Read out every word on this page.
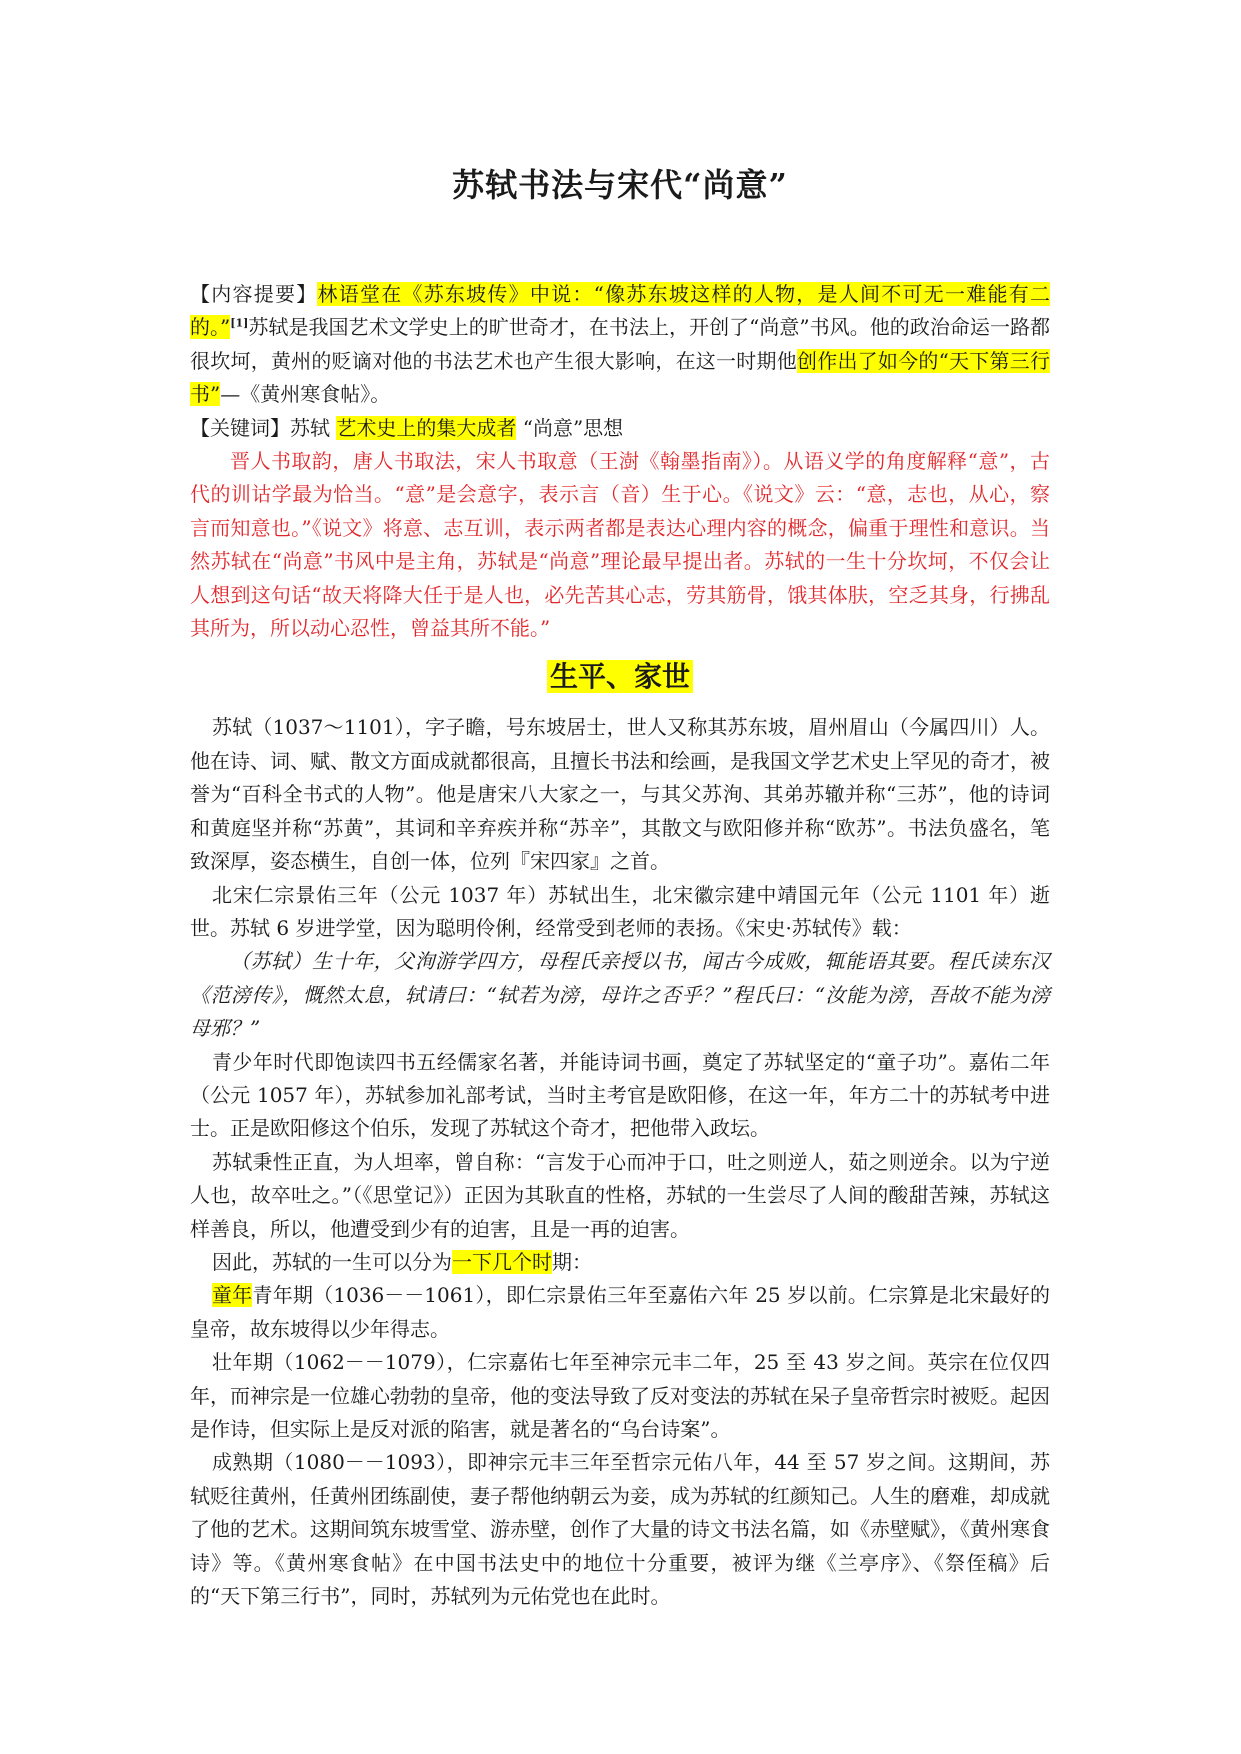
苏轼书法与宋代“尚意”

【内容提要】林语堂在《苏东坡传》中说：“像苏东坡这样的人物，是人间不可无一难能有二的。”[1]苏轼是我国艺术文学史上的旷世奇才，在书法上，开创了“尚意”书风。他的政治命运一路都很坎坷，黄州的贬谪对他的书法艺术也产生很大影响，在这一时期他创作出了如今的“天下第三行书”—《黄州寒食帖》。

【关键词】苏轼 艺术史上的集大成者 “尚意”思想

晋人书取韵，唐人书取法，宋人书取意（王澍《翰墨指南》）。从语义学的角度解释“意”，古代的训诂学最为恰当。“意”是会意字，表示言（音）生于心。《说文》云：“意，志也，从心，察言而知意也。”《说文》将意、志互训，表示两者都是表达心理内容的概念，偏重于理性和意识。当然苏轼在“尚意”书风中是主角，苏轼是“尚意”理论最早提出者。苏轼的一生十分坎坷，不仅会让人想到这句话“故天将降大任于是人也，必先苦其心志，劳其筋骨，饿其体肤，空乏其身，行拂乱其所为，所以动心忍性，曾益其所不能。”

生平、家世

苏轼（1037～1101），字子瞻，号东坡居士，世人又称其苏东坡，眉州眉山（今属四川）人。他在诗、词、赋、散文方面成就都很高，且擅长书法和绘画，是我国文学艺术史上罕见的奇才，被誉为“百科全书式的人物”。他是唐宋八大家之一，与其父苏洵、其弟苏辙并称“三苏”，他的诗词和黄庭坚并称“苏黄”，其词和辛弃疾并称“苏辛”，其散文与欧阳修并称“欧苏”。书法负盛名，笔致深厚，姿态横生，自创一体，位列『宋四家』之首。

北宋仁宗景佑三年（公元 1037 年）苏轼出生，北宋徽宗建中靖国元年（公元 1101 年）逝世。苏轼 6 岁进学堂，因为聪明伶俐，经常受到老师的表扬。《宋史·苏轼传》载：

（苏轼）生十年，父洵游学四方，母程氏亲授以书，闻古今成败，辄能语其要。程氏读东汉《范滂传》，慨然太息，轼请曰：“轼若为滂，母许之否乎？”程氏曰：“汝能为滂，吾故不能为滂母邪？”

青少年时代即饱读四书五经儒家名著，并能诗词书画，奠定了苏轼坚定的“童子功”。嘉佑二年（公元 1057 年），苏轼参加礼部考试，当时主考官是欧阳修，在这一年，年方二十的苏轼考中进士。正是欧阳修这个伯乐，发现了苏轼这个奇才，把他带入政坛。

苏轼秉性正直，为人坦率，曾自称：“言发于心而冲于口，吐之则逆人，茹之则逆余。以为宁逆人也，故卒吐之。”（《思堂记》）正因为其耿直的性格，苏轼的一生尝尽了人间的酸甜苦辣，苏轼这样善良，所以，他遭受到少有的迫害，且是一再的迫害。

因此，苏轼的一生可以分为一下几个时期：

童年青年期（1036－－1061），即仁宗景佑三年至嘉佑六年 25 岁以前。仁宗算是北宋最好的皇帝，故东坡得以少年得志。

壮年期（1062－－1079），仁宗嘉佑七年至神宗元丰二年，25 至 43 岁之间。英宗在位仅四年，而神宗是一位雄心勃勃的皇帝，他的变法导致了反对变法的苏轼在呆子皇帝哲宗时被贬。起因是作诗，但实际上是反对派的陷害，就是著名的“乌台诗案”。

成熟期（1080－－1093），即神宗元丰三年至哲宗元佑八年，44 至 57 岁之间。这期间，苏轼贬往黄州，任黄州团练副使，妻子帮他纳朝云为妾，成为苏轼的红颜知己。人生的磨难，却成就了他的艺术。这期间筑东坡雪堂、游赤壁，创作了大量的诗文书法名篇，如《赤壁赋》，《黄州寒食诗》等。《黄州寒食帖》在中国书法史中的地位十分重要，被评为继《兰亭序》、《祭侄稿》后的“天下第三行书”，同时，苏轼列为元佑党也在此时。
